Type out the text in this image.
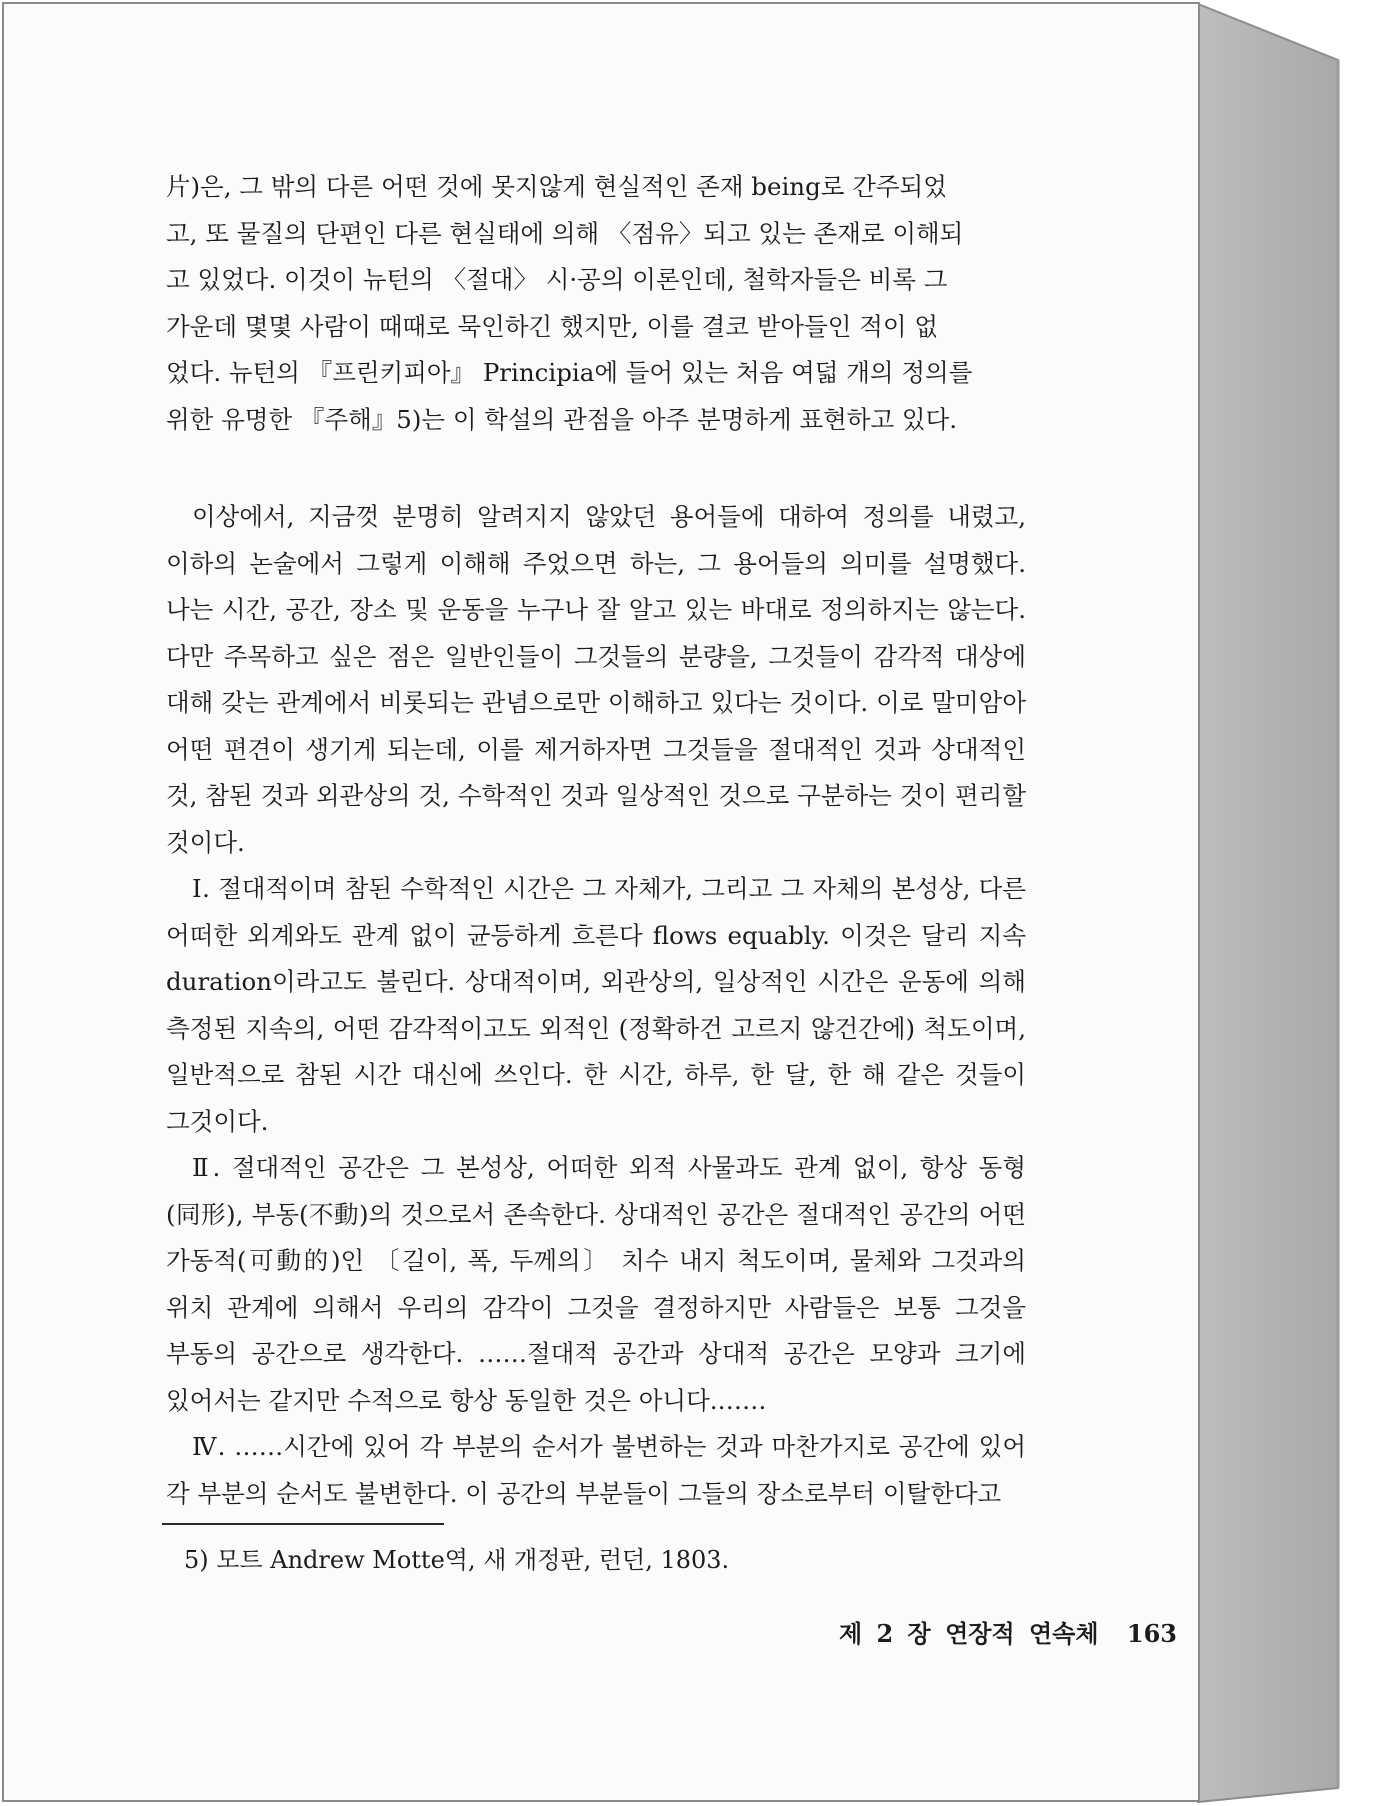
片)은, 그 밖의 다른 어떤 것에 못지않게 현실적인 존재 being로 간주되었

고, 또 물질의 단편인 다른 현실태에 의해 〈점유〉되고 있는 존재로 이해되

고 있었다. 이것이 뉴턴의 〈절대〉 시·공의 이론인데, 철학자들은 비록 그

가운데 몇몇 사람이 때때로 묵인하긴 했지만, 이를 결코 받아들인 적이 없

었다. 뉴턴의 『프린키피아』 Principia에 들어 있는 처음 여덟 개의 정의를

위한 유명한 『주해』5)는 이 학설의 관점을 아주 분명하게 표현하고 있다.

이상에서, 지금껏 분명히 알려지지 않았던 용어들에 대하여 정의를 내렸고, 이하의 논술에서 그렇게 이해해 주었으면 하는, 그 용어들의 의미를 설명했다. 나는 시간, 공간, 장소 및 운동을 누구나 잘 알고 있는 바대로 정의하지는 않는다. 다만 주목하고 싶은 점은 일반인들이 그것들의 분량을, 그것들이 감각적 대상에 대해 갖는 관계에서 비롯되는 관념으로만 이해하고 있다는 것이다. 이로 말미암아 어떤 편견이 생기게 되는데, 이를 제거하자면 그것들을 절대적인 것과 상대적인 것, 참된 것과 외관상의 것, 수학적인 것과 일상적인 것으로 구분하는 것이 편리할 것이다.

Ⅰ. 절대적이며 참된 수학적인 시간은 그 자체가, 그리고 그 자체의 본성상, 다른 어떠한 외계와도 관계 없이 균등하게 흐른다 flows equably. 이것은 달리 지속 duration이라고도 불린다. 상대적이며, 외관상의, 일상적인 시간은 운동에 의해 측정된 지속의, 어떤 감각적이고도 외적인 (정확하건 고르지 않건간에) 척도이며, 일반적으로 참된 시간 대신에 쓰인다. 한 시간, 하루, 한 달, 한 해 같은 것들이 그것이다.

Ⅱ. 절대적인 공간은 그 본성상, 어떠한 외적 사물과도 관계 없이, 항상 동형(同形), 부동(不動)의 것으로서 존속한다. 상대적인 공간은 절대적인 공간의 어떤 가동적(可動的)인 〔길이, 폭, 두께의〕 치수 내지 척도이며, 물체와 그것과의 위치 관계에 의해서 우리의 감각이 그것을 결정하지만 사람들은 보통 그것을 부동의 공간으로 생각한다. ……절대적 공간과 상대적 공간은 모양과 크기에 있어서는 같지만 수적으로 항상 동일한 것은 아니다.……

Ⅳ. ……시간에 있어 각 부분의 순서가 불변하는 것과 마찬가지로 공간에 있어 각 부분의 순서도 불변한다. 이 공간의 부분들이 그들의 장소로부터 이탈한다고

5) 모트 Andrew Motte역, 새 개정판, 런던, 1803.
제 2 장 연장적 연속체 163
